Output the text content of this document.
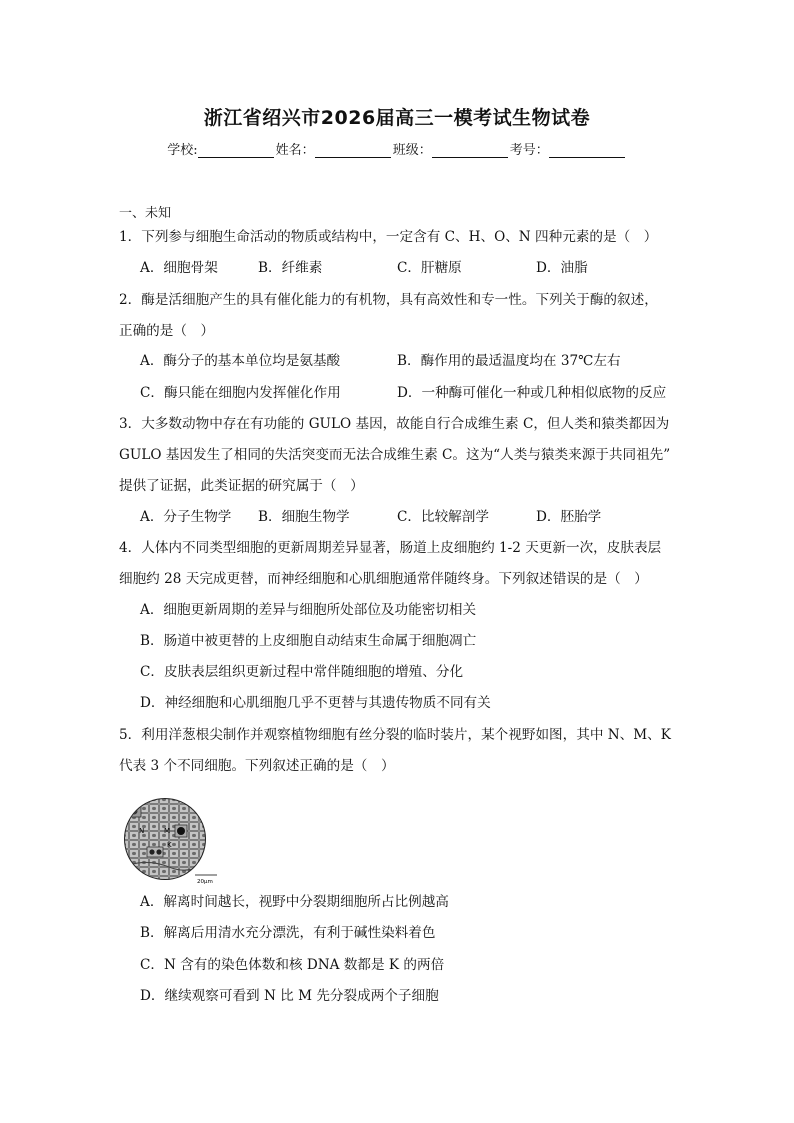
浙江省绍兴市2026届高三一模考试生物试卷
学校:	姓名：	班级：	考号：
一、未知
1．下列参与细胞生命活动的物质或结构中，一定含有 C、H、O、N 四种元素的是（　）
A．细胞骨架	B．纤维素	C．肝糖原	D．油脂
2．酶是活细胞产生的具有催化能力的有机物，具有高效性和专一性。下列关于酶的叙述，
正确的是（　）
A．酶分子的基本单位均是氨基酸	B．酶作用的最适温度均在 37℃左右
C．酶只能在细胞内发挥催化作用	D．一种酶可催化一种或几种相似底物的反应
3．大多数动物中存在有功能的 GULO 基因，故能自行合成维生素 C，但人类和猿类都因为
GULO 基因发生了相同的失活突变而无法合成维生素 C。这为“人类与猿类来源于共同祖先”
提供了证据，此类证据的研究属于（　）
A．分子生物学 B．细胞生物学	C．比较解剖学	D．胚胎学
4．人体内不同类型细胞的更新周期差异显著，肠道上皮细胞约 1-2 天更新一次，皮肤表层
细胞约 28 天完成更替，而神经细胞和心肌细胞通常伴随终身。下列叙述错误的是（　）
A．细胞更新周期的差异与细胞所处部位及功能密切相关
B．肠道中被更替的上皮细胞自动结束生命属于细胞凋亡
C．皮肤表层组织更新过程中常伴随细胞的增殖、分化
D．神经细胞和心肌细胞几乎不更替与其遗传物质不同有关
5．利用洋葱根尖制作并观察植物细胞有丝分裂的临时装片，某个视野如图，其中 N、M、K
代表 3 个不同细胞。下列叙述正确的是（　）
N	M
K
20μm
A．解离时间越长，视野中分裂期细胞所占比例越高
B．解离后用清水充分漂洗，有利于碱性染料着色
C．N 含有的染色体数和核 DNA 数都是 K 的两倍
D．继续观察可看到 N 比 M 先分裂成两个子细胞
